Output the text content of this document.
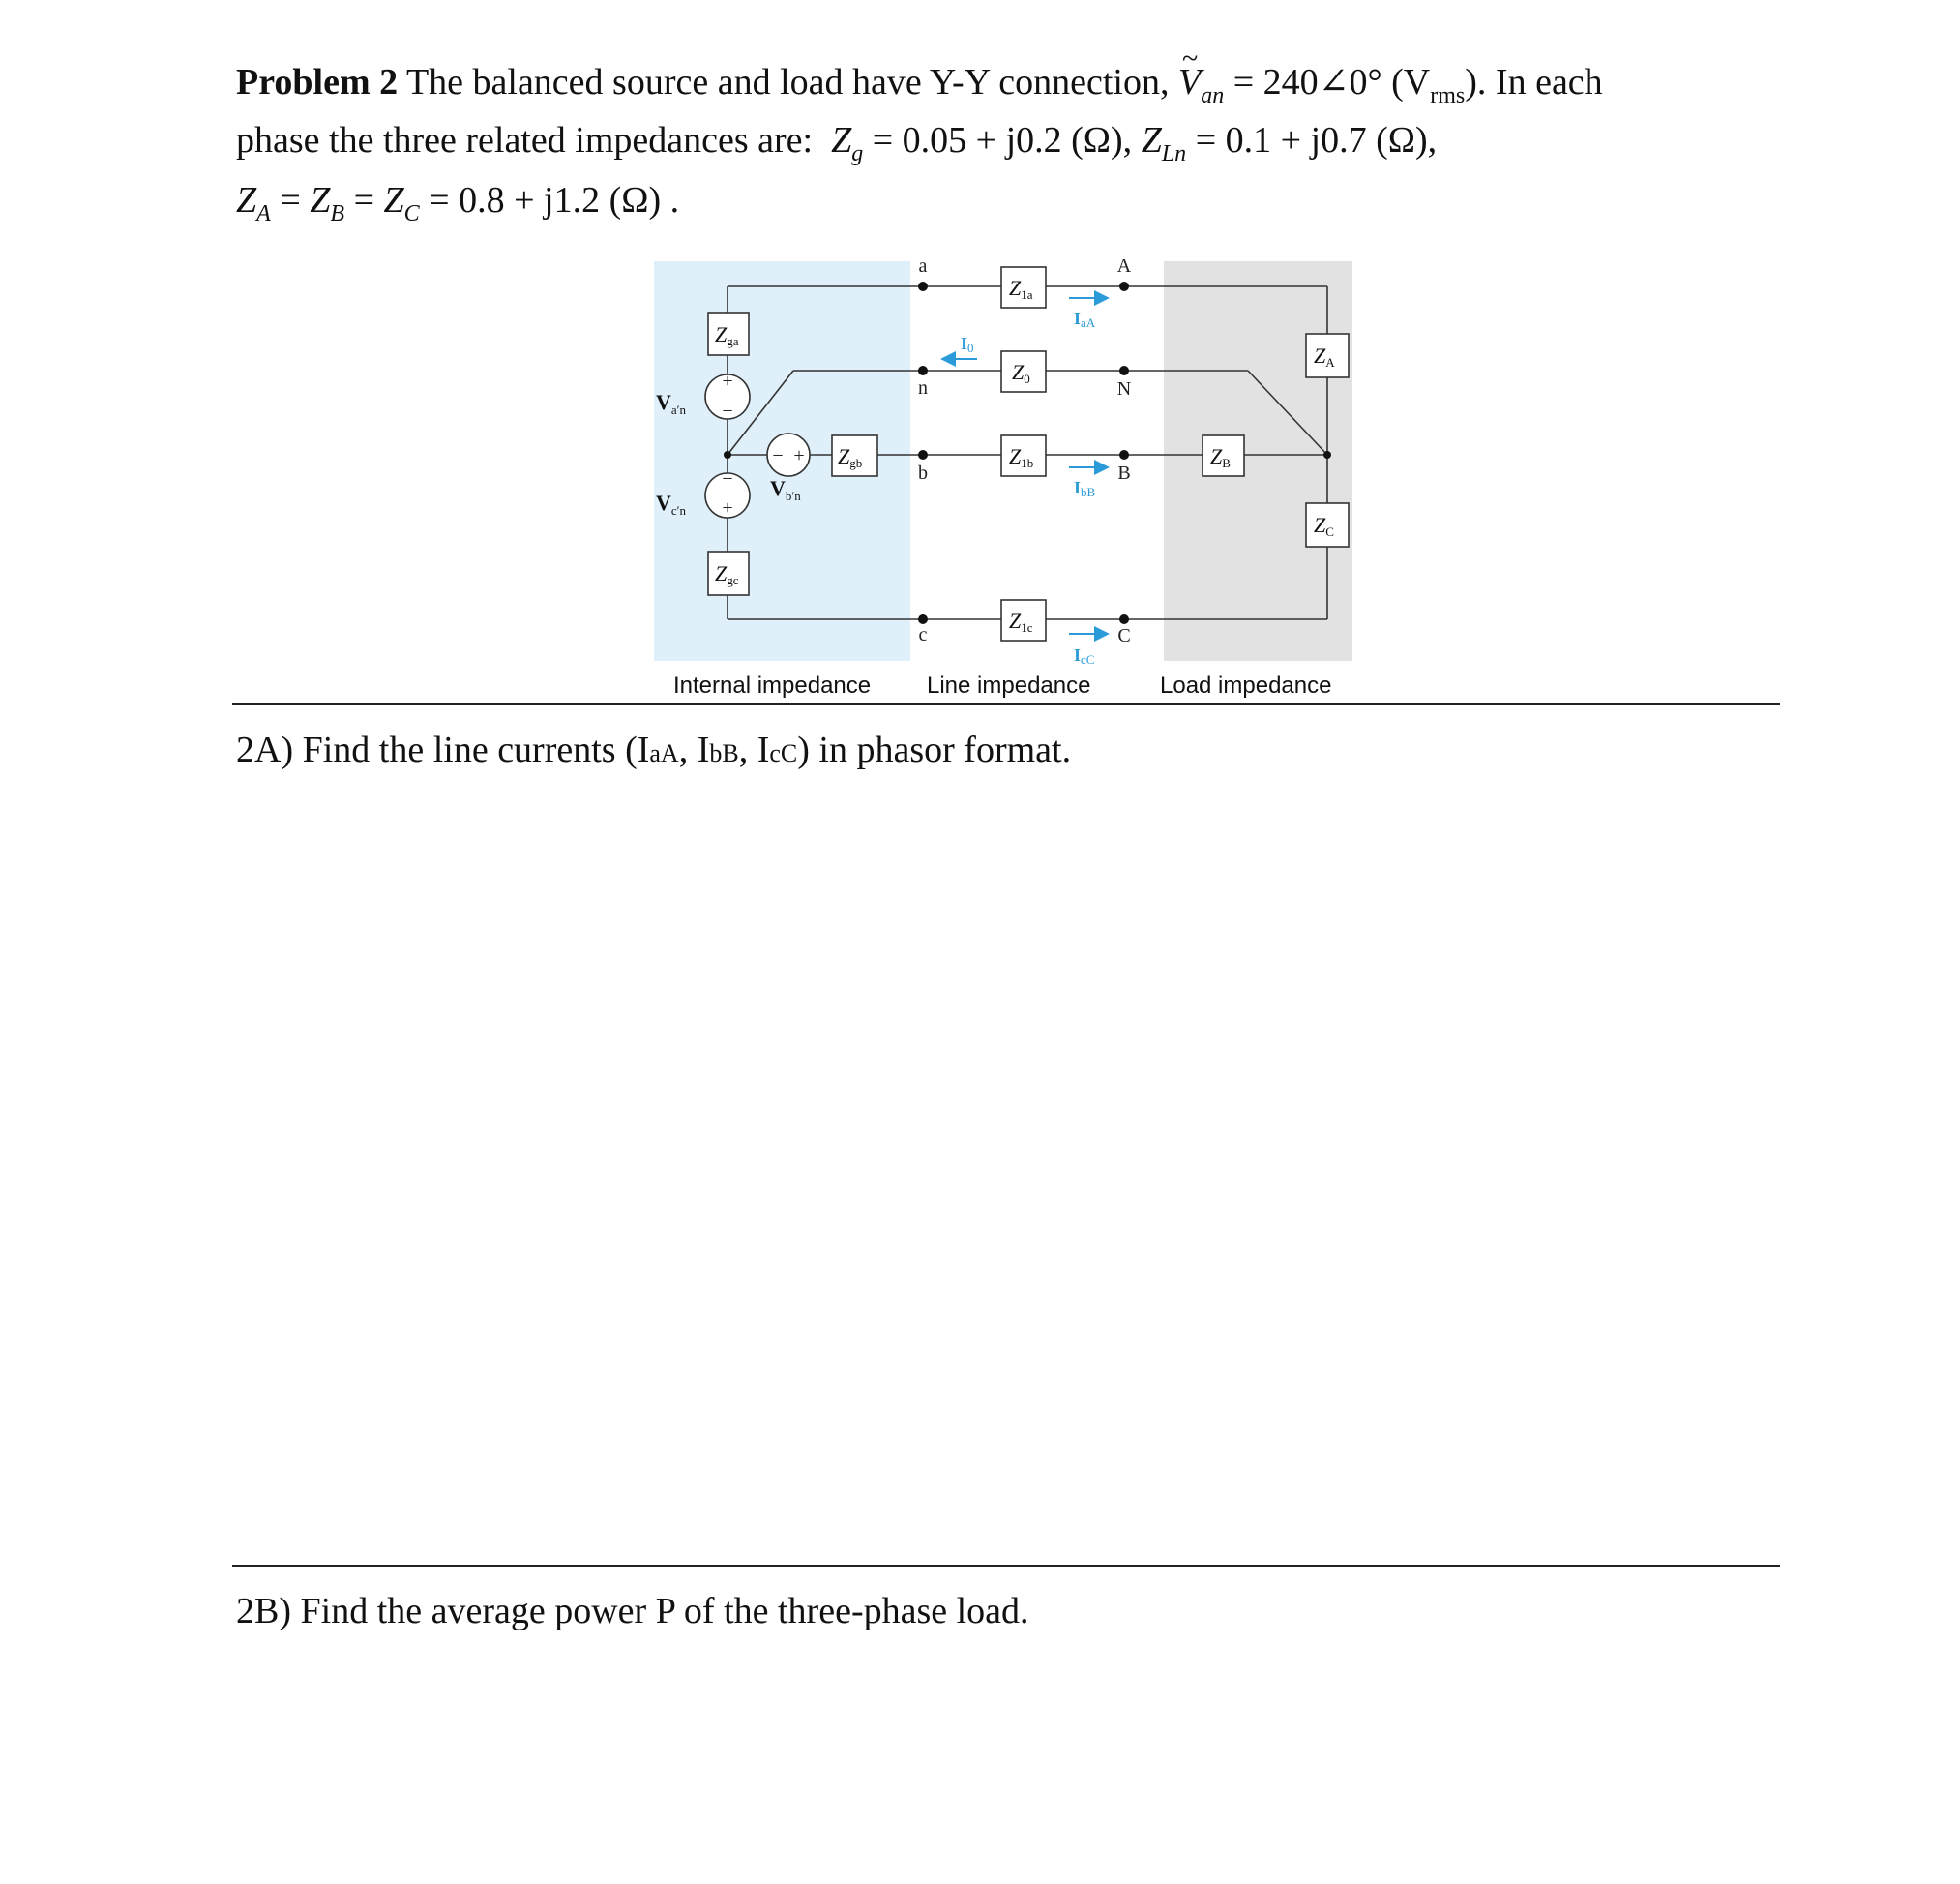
Problem 2 The balanced source and load have Y-Y connection, ~ $V_{an}$ = 240∠0° $(V_{rms})$. In each
phase the three related impedances are: $Z_g = 0.05 + j0.2$ (Ω), $Z_{Ln} = 0.1 + j0.7$ (Ω),
$Z_A = Z_B = Z_C = 0.8 + j1.2$ (Ω) .
+
−
−
+
− +
Zga
Zgc
Zgb
Z1a
Z0
Z1b
Z1c
ZB
ZA
ZC
a
n
b
c
A
N
B
C
$V_{a'n}$
$V_{c'n}$
$V_{b'n}$
IaA
IbB
IcC
I0
Internal impedance Line impedance	Load impedance
2A) Find the line currents (IaA, IbB, IcC) in phasor format.
2B) Find the average power P of the three-phase load.
